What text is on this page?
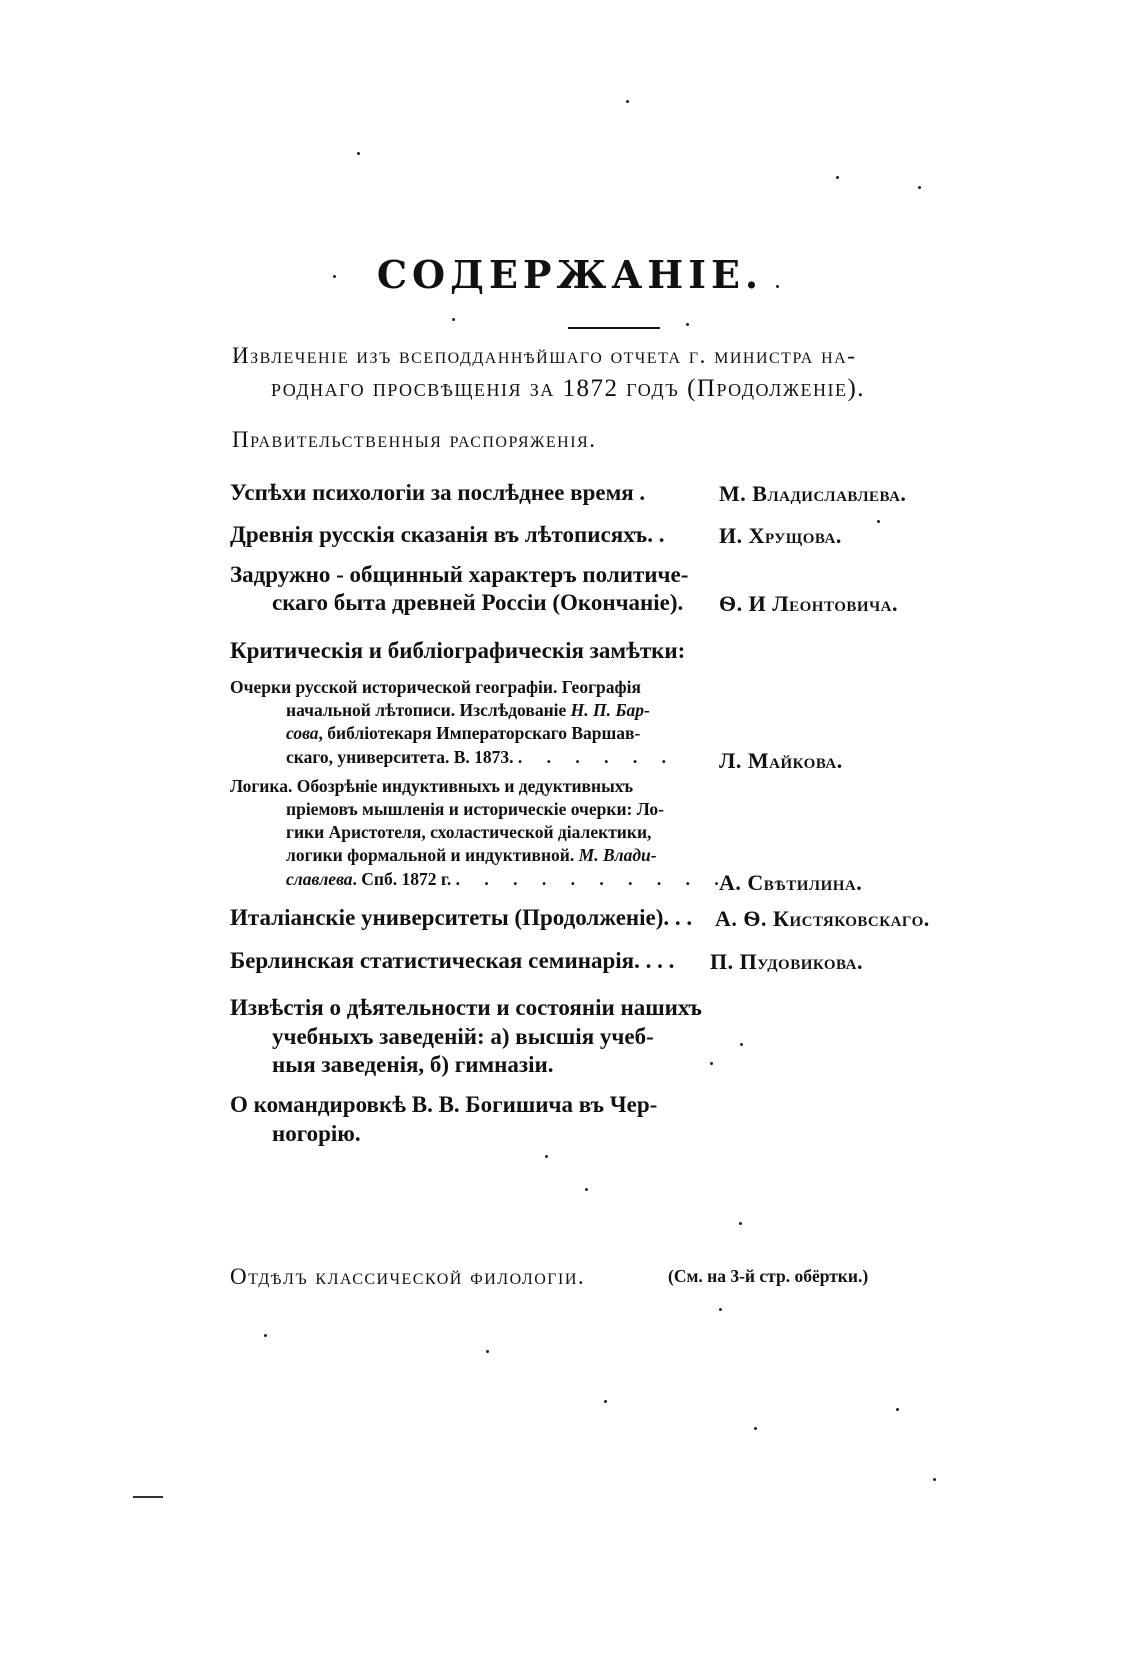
СОДЕРЖАНІЕ.
Извлеченіе изъ всеподданнѣйшаго отчета г. министра на-
роднаго просвѣщенія за 1872 годъ (Продолженіе).
Правительственныя распоряженія.
Успѣхи психологіи за послѣднее время .	М. Владиславлева.
Древнія русскія сказанія въ лѣтописяхъ. . И. Хрущова.
Задружно - общинный характеръ политиче-
скаго быта древней Россіи (Окончаніе). Ѳ. И Леонтовича.
Критическія и библіографическія замѣтки:
Очерки русской исторической географіи. Географія
начальной лѣтописи. Изслѣдованіе Н. П. Бар-
сова, библіотекаря Императорскаго Варшав-
скаго, университета. В. 1873. . . . . . . Л. Майкова.
Логика. Обозрѣніе индуктивныхъ и дедуктивныхъ
пріемовъ мышленія и историческіе очерки: Ло-
гики Аристотеля, схоластической діалектики,
логики формальной и индуктивной. М. Влади-
славлева. Спб. 1872 г. . . . . . . . . . .
А. Свѣтилина.
Италіанскіе университеты (Продолженіе). . . А. Ѳ. Кистяковскаго.
Берлинская статистическая семинарія. . . . П. Пудовикова.
Извѣстія о дѣятельности и состояніи нашихъ
учебныхъ заведеній: а) высшія учеб-
ныя заведенія, б) гимназіи.
О командировкѣ В. В. Богишича въ Чер-
ногорію.
Отдѣлъ классической филологіи.	(См. на 3-й стр. обёртки.)
